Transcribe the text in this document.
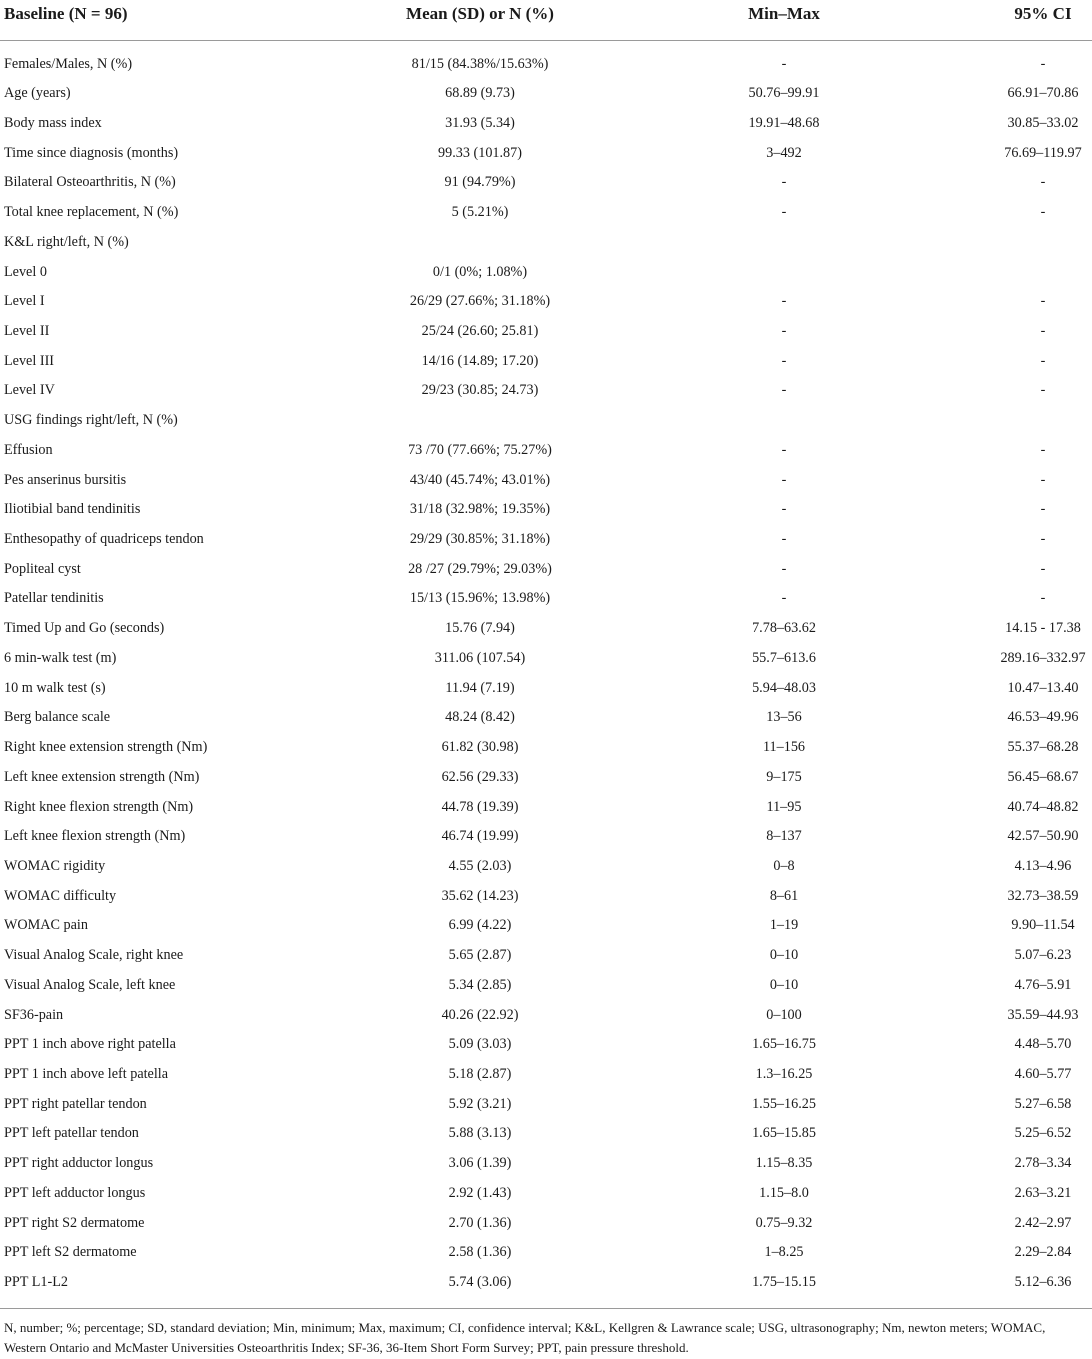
Baseline (N = 96)	Mean (SD) or N (%)	Min–Max	95% CI
Females/Males, N (%)	81/15 (84.38%/15.63%)	-	-
Age (years)	68.89 (9.73)	50.76–99.91	66.91–70.86
Body mass index	31.93 (5.34)	19.91–48.68	30.85–33.02
Time since diagnosis (months)	99.33 (101.87)	3–492	76.69–119.97
Bilateral Osteoarthritis, N (%)	91 (94.79%)	-	-
Total knee replacement, N (%)	5 (5.21%)	-	-
K&L right/left, N (%)
Level 0	0/1 (0%; 1.08%)
Level I	26/29 (27.66%; 31.18%)	-	-
Level II	25/24 (26.60; 25.81)	-	-
Level III	14/16 (14.89; 17.20)	-	-
Level IV	29/23 (30.85; 24.73)	-	-
USG findings right/left, N (%)
Effusion	73 /70 (77.66%; 75.27%)	-	-
Pes anserinus bursitis	43/40 (45.74%; 43.01%)	-	-
Iliotibial band tendinitis	31/18 (32.98%; 19.35%)	-	-
Enthesopathy of quadriceps tendon	29/29 (30.85%; 31.18%)	-	-
Popliteal cyst	28 /27 (29.79%; 29.03%)	-	-
Patellar tendinitis	15/13 (15.96%; 13.98%)	-	-
Timed Up and Go (seconds)	15.76 (7.94)	7.78–63.62	14.15 - 17.38
6 min-walk test (m)	311.06 (107.54)	55.7–613.6	289.16–332.97
10 m walk test (s)	11.94 (7.19)	5.94–48.03	10.47–13.40
Berg balance scale	48.24 (8.42)	13–56	46.53–49.96
Right knee extension strength (Nm)	61.82 (30.98)	11–156	55.37–68.28
Left knee extension strength (Nm)	62.56 (29.33)	9–175	56.45–68.67
Right knee flexion strength (Nm)	44.78 (19.39)	11–95	40.74–48.82
Left knee flexion strength (Nm)	46.74 (19.99)	8–137	42.57–50.90
WOMAC rigidity	4.55 (2.03)	0–8	4.13–4.96
WOMAC difficulty	35.62 (14.23)	8–61	32.73–38.59
WOMAC pain	6.99 (4.22)	1–19	9.90–11.54
Visual Analog Scale, right knee	5.65 (2.87)	0–10	5.07–6.23
Visual Analog Scale, left knee	5.34 (2.85)	0–10	4.76–5.91
SF36-pain	40.26 (22.92)	0–100	35.59–44.93
PPT 1 inch above right patella	5.09 (3.03)	1.65–16.75	4.48–5.70
PPT 1 inch above left patella	5.18 (2.87)	1.3–16.25	4.60–5.77
PPT right patellar tendon	5.92 (3.21)	1.55–16.25	5.27–6.58
PPT left patellar tendon	5.88 (3.13)	1.65–15.85	5.25–6.52
PPT right adductor longus	3.06 (1.39)	1.15–8.35	2.78–3.34
PPT left adductor longus	2.92 (1.43)	1.15–8.0	2.63–3.21
PPT right S2 dermatome	2.70 (1.36)	0.75–9.32	2.42–2.97
PPT left S2 dermatome	2.58 (1.36)	1–8.25	2.29–2.84
PPT L1-L2	5.74 (3.06)	1.75–15.15	5.12–6.36
N, number; %; percentage; SD, standard deviation; Min, minimum; Max, maximum; CI, confidence interval; K&L, Kellgren & Lawrance scale; USG, ultrasonography; Nm, newton meters; WOMAC, Western Ontario and McMaster Universities Osteoarthritis Index; SF-36, 36-Item Short Form Survey; PPT, pain pressure threshold.
